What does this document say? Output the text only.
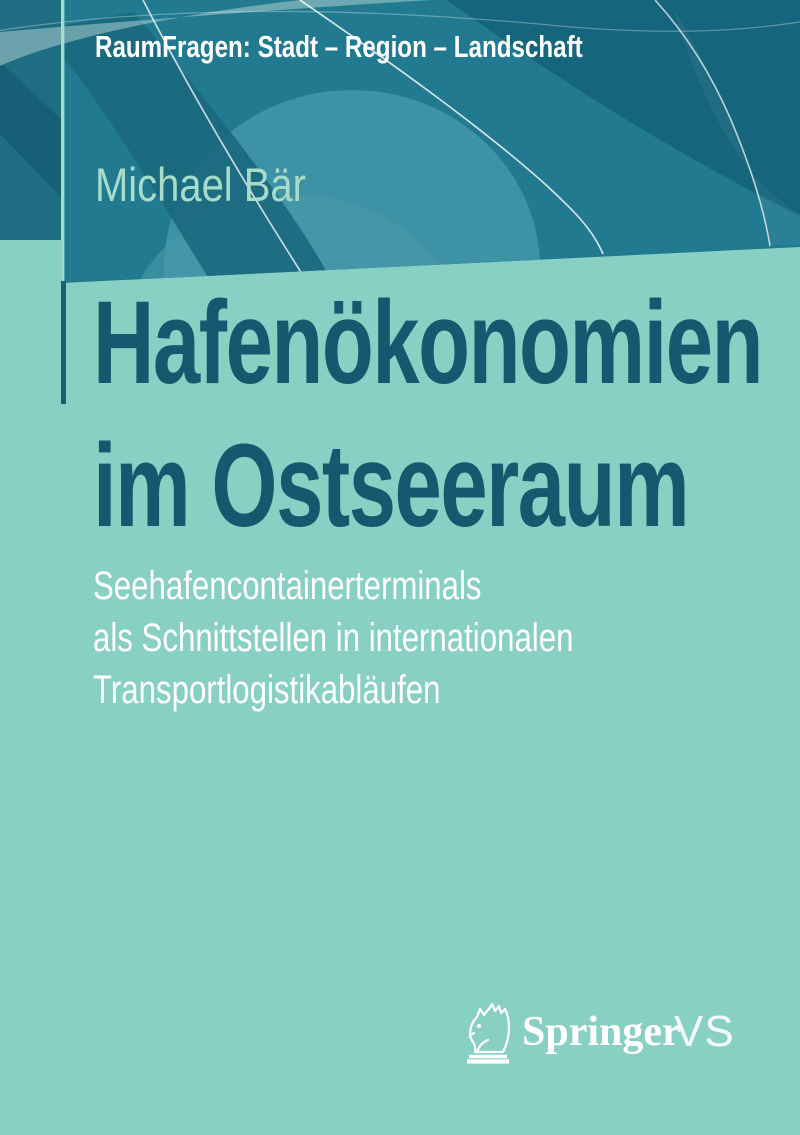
RaumFragen: Stadt – Region – Landschaft
Michael Bär
Hafenökonomien
im Ostseeraum
Seehafencontainerterminals
als Schnittstellen in internationalen
Transportlogistikabläufen
Springer
VS
